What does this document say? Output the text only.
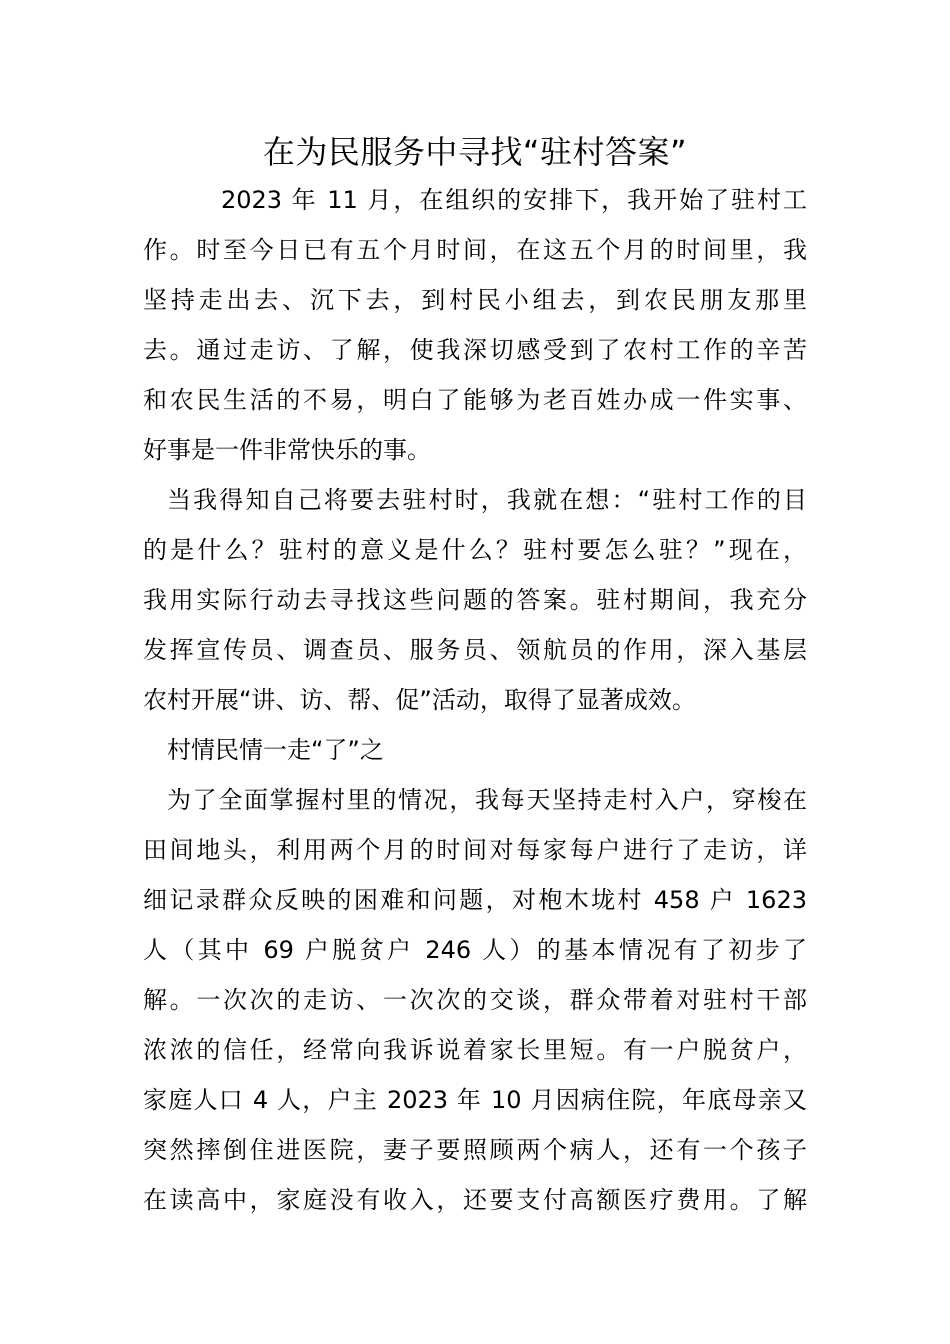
在为民服务中寻找“驻村答案”
2023 年 11 月，在组织的安排下，我开始了驻村工
作。时至今日已有五个月时间，在这五个月的时间里，我
坚持走出去、沉下去，到村民小组去，到农民朋友那里
去。通过走访、了解，使我深切感受到了农村工作的辛苦
和农民生活的不易，明白了能够为老百姓办成一件实事、
好事是一件非常快乐的事。
当我得知自己将要去驻村时，我就在想：“驻村工作的目
的是什么？驻村的意义是什么？驻村要怎么驻？”现在，
我用实际行动去寻找这些问题的答案。驻村期间，我充分
发挥宣传员、调查员、服务员、领航员的作用，深入基层
农村开展“讲、访、帮、促”活动，取得了显著成效。
村情民情一走“了”之
为了全面掌握村里的情况，我每天坚持走村入户，穿梭在
田间地头，利用两个月的时间对每家每户进行了走访，详
细记录群众反映的困难和问题，对枹木垅村 458 户 1623
人（其中 69 户脱贫户 246 人）的基本情况有了初步了
解。一次次的走访、一次次的交谈，群众带着对驻村干部
浓浓的信任，经常向我诉说着家长里短。有一户脱贫户，
家庭人口 4 人，户主 2023 年 10 月因病住院，年底母亲又
突然摔倒住进医院，妻子要照顾两个病人，还有一个孩子
在读高中，家庭没有收入，还要支付高额医疗费用。了解
